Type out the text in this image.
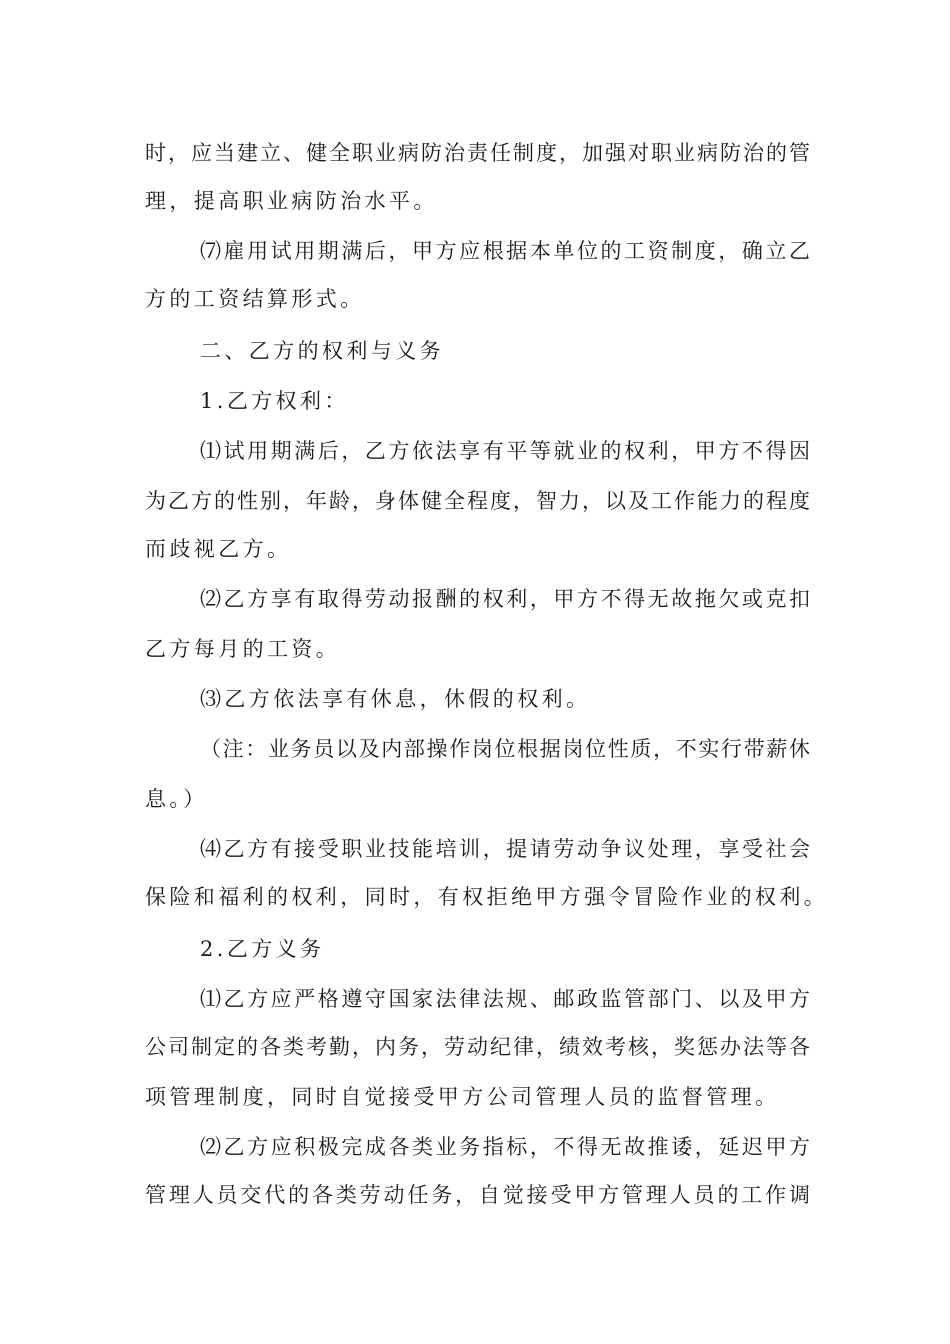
时，应当建立、健全职业病防治责任制度，加强对职业病防治的管
理，提高职业病防治水平。
⑺雇用试用期满后，甲方应根据本单位的工资制度，确立乙
方的工资结算形式。
二、乙方的权利与义务
1.乙方权利：
⑴试用期满后，乙方依法享有平等就业的权利，甲方不得因
为乙方的性别，年龄，身体健全程度，智力，以及工作能力的程度
而歧视乙方。
⑵乙方享有取得劳动报酬的权利，甲方不得无故拖欠或克扣
乙方每月的工资。
⑶乙方依法享有休息，休假的权利。
（注：业务员以及内部操作岗位根据岗位性质，不实行带薪休
息。）
⑷乙方有接受职业技能培训，提请劳动争议处理，享受社会
保险和福利的权利，同时，有权拒绝甲方强令冒险作业的权利。
2.乙方义务
⑴乙方应严格遵守国家法律法规、邮政监管部门、以及甲方
公司制定的各类考勤，内务，劳动纪律，绩效考核，奖惩办法等各
项管理制度，同时自觉接受甲方公司管理人员的监督管理。
⑵乙方应积极完成各类业务指标，不得无故推诿，延迟甲方
管理人员交代的各类劳动任务，自觉接受甲方管理人员的工作调
